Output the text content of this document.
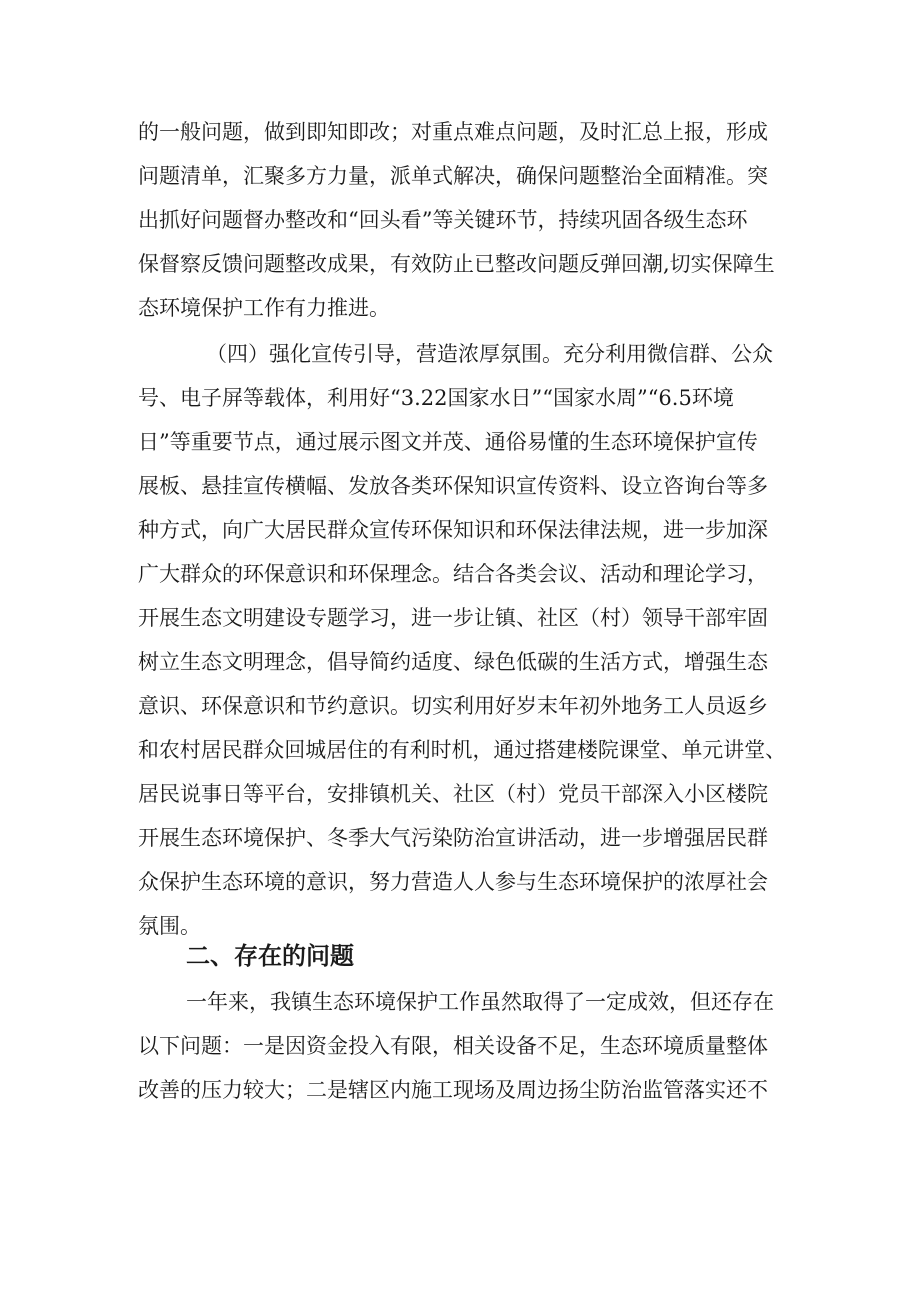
的一般问题，做到即知即改；对重点难点问题，及时汇总上报，形成
问题清单，汇聚多方力量，派单式解决，确保问题整治全面精准。突
出抓好问题督办整改和“回头看”等关键环节，持续巩固各级生态环
保督察反馈问题整改成果，有效防止已整改问题反弹回潮,切实保障生
态环境保护工作有力推进。
（四）强化宣传引导，营造浓厚氛围。充分利用微信群、公众
号、电子屏等载体，利用好“3.22国家水日”“国家水周”“6.5环境
日”等重要节点，通过展示图文并茂、通俗易懂的生态环境保护宣传
展板、悬挂宣传横幅、发放各类环保知识宣传资料、设立咨询台等多
种方式，向广大居民群众宣传环保知识和环保法律法规，进一步加深
广大群众的环保意识和环保理念。结合各类会议、活动和理论学习，
开展生态文明建设专题学习，进一步让镇、社区（村）领导干部牢固
树立生态文明理念，倡导简约适度、绿色低碳的生活方式，增强生态
意识、环保意识和节约意识。切实利用好岁末年初外地务工人员返乡
和农村居民群众回城居住的有利时机，通过搭建楼院课堂、单元讲堂、
居民说事日等平台，安排镇机关、社区（村）党员干部深入小区楼院
开展生态环境保护、冬季大气污染防治宣讲活动，进一步增强居民群
众保护生态环境的意识，努力营造人人参与生态环境保护的浓厚社会
氛围。
二、存在的问题
一年来，我镇生态环境保护工作虽然取得了一定成效，但还存在
以下问题：一是因资金投入有限，相关设备不足，生态环境质量整体
改善的压力较大；二是辖区内施工现场及周边扬尘防治监管落实还不
